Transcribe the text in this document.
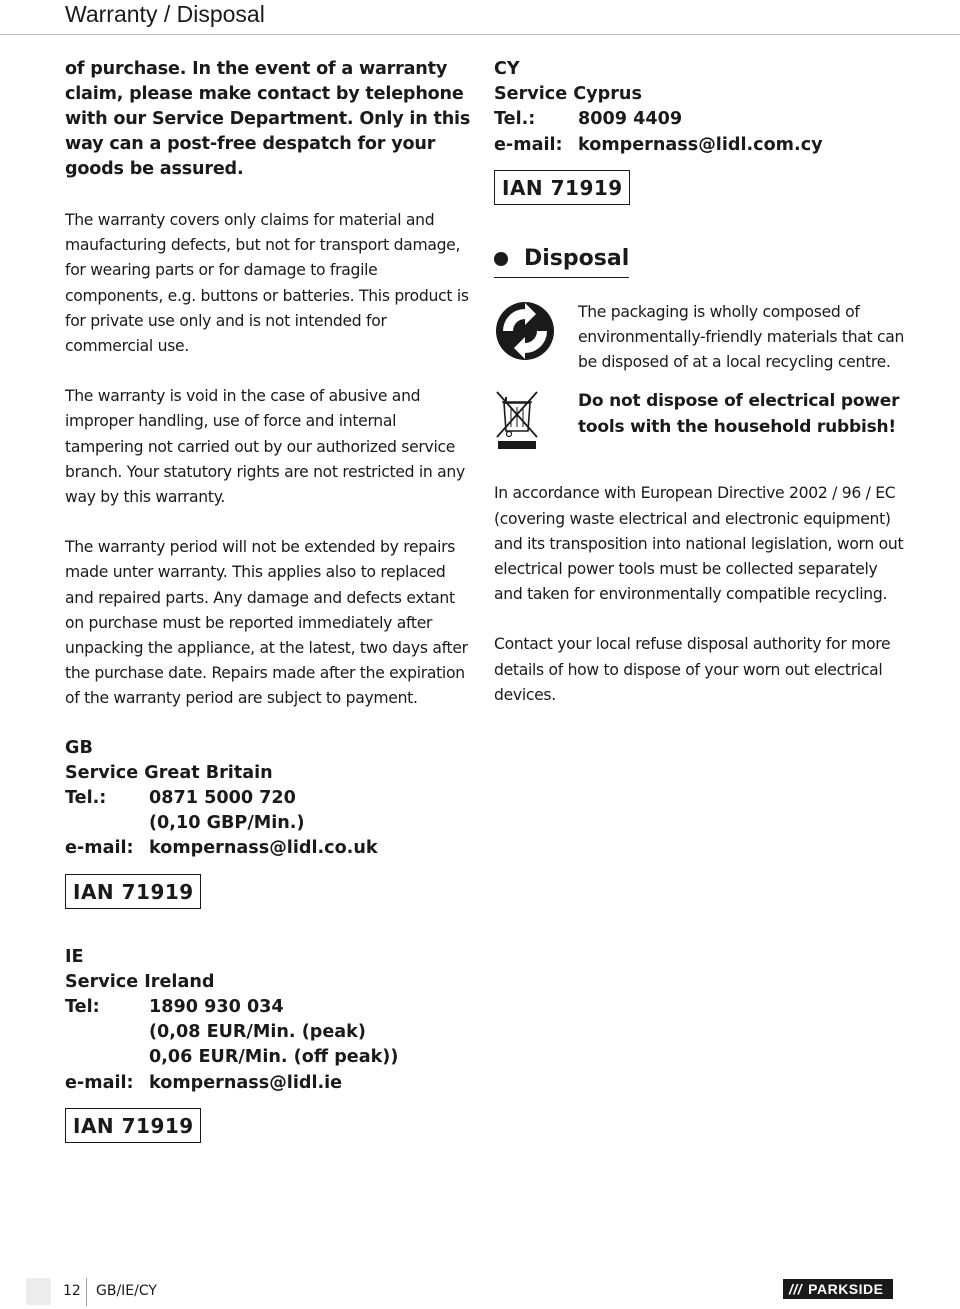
Warranty / Disposal

of purchase. In the event of a warranty claim, please make contact by telephone with our Service Department. Only in this way can a post-free despatch for your goods be assured.

The warranty covers only claims for material and maufacturing defects, but not for transport damage, for wearing parts or for damage to fragile components, e.g. buttons or batteries. This product is for private use only and is not intended for commercial use.

The warranty is void in the case of abusive and improper handling, use of force and internal tampering not carried out by our authorized service branch. Your statutory rights are not restricted in any way by this warranty.

The warranty period will not be extended by repairs made unter warranty. This applies also to replaced and repaired parts. Any damage and defects extant on purchase must be reported immediately after unpacking the appliance, at the latest, two days after the purchase date. Repairs made after the expiration of the warranty period are subject to payment.

GB
Service Great Britain
Tel.:	0871 5000 720
(0,10 GBP/Min.)
e-mail: kompernass@lidl.co.uk
IAN 71919
IE
Service Ireland
Tel:	1890 930 034
(0,08 EUR/Min. (peak)
0,06 EUR/Min. (off peak))
e-mail: kompernass@lidl.ie
IAN 71919
CY
Service Cyprus
Tel.:	8009 4409
e-mail: kompernass@lidl.com.cy
IAN 71919
Disposal

The packaging is wholly composed of environmentally-friendly materials that can be disposed of at a local recycling centre.

Do not dispose of electrical power tools with the household rubbish!

In accordance with European Directive 2002 / 96 / EC (covering waste electrical and electronic equipment) and its transposition into national legislation, worn out electrical power tools must be collected separately and taken for environmentally compatible recycling.

Contact your local refuse disposal authority for more details of how to dispose of your worn out electrical devices.

12 GB/IE/CY	/// PARKSIDE
